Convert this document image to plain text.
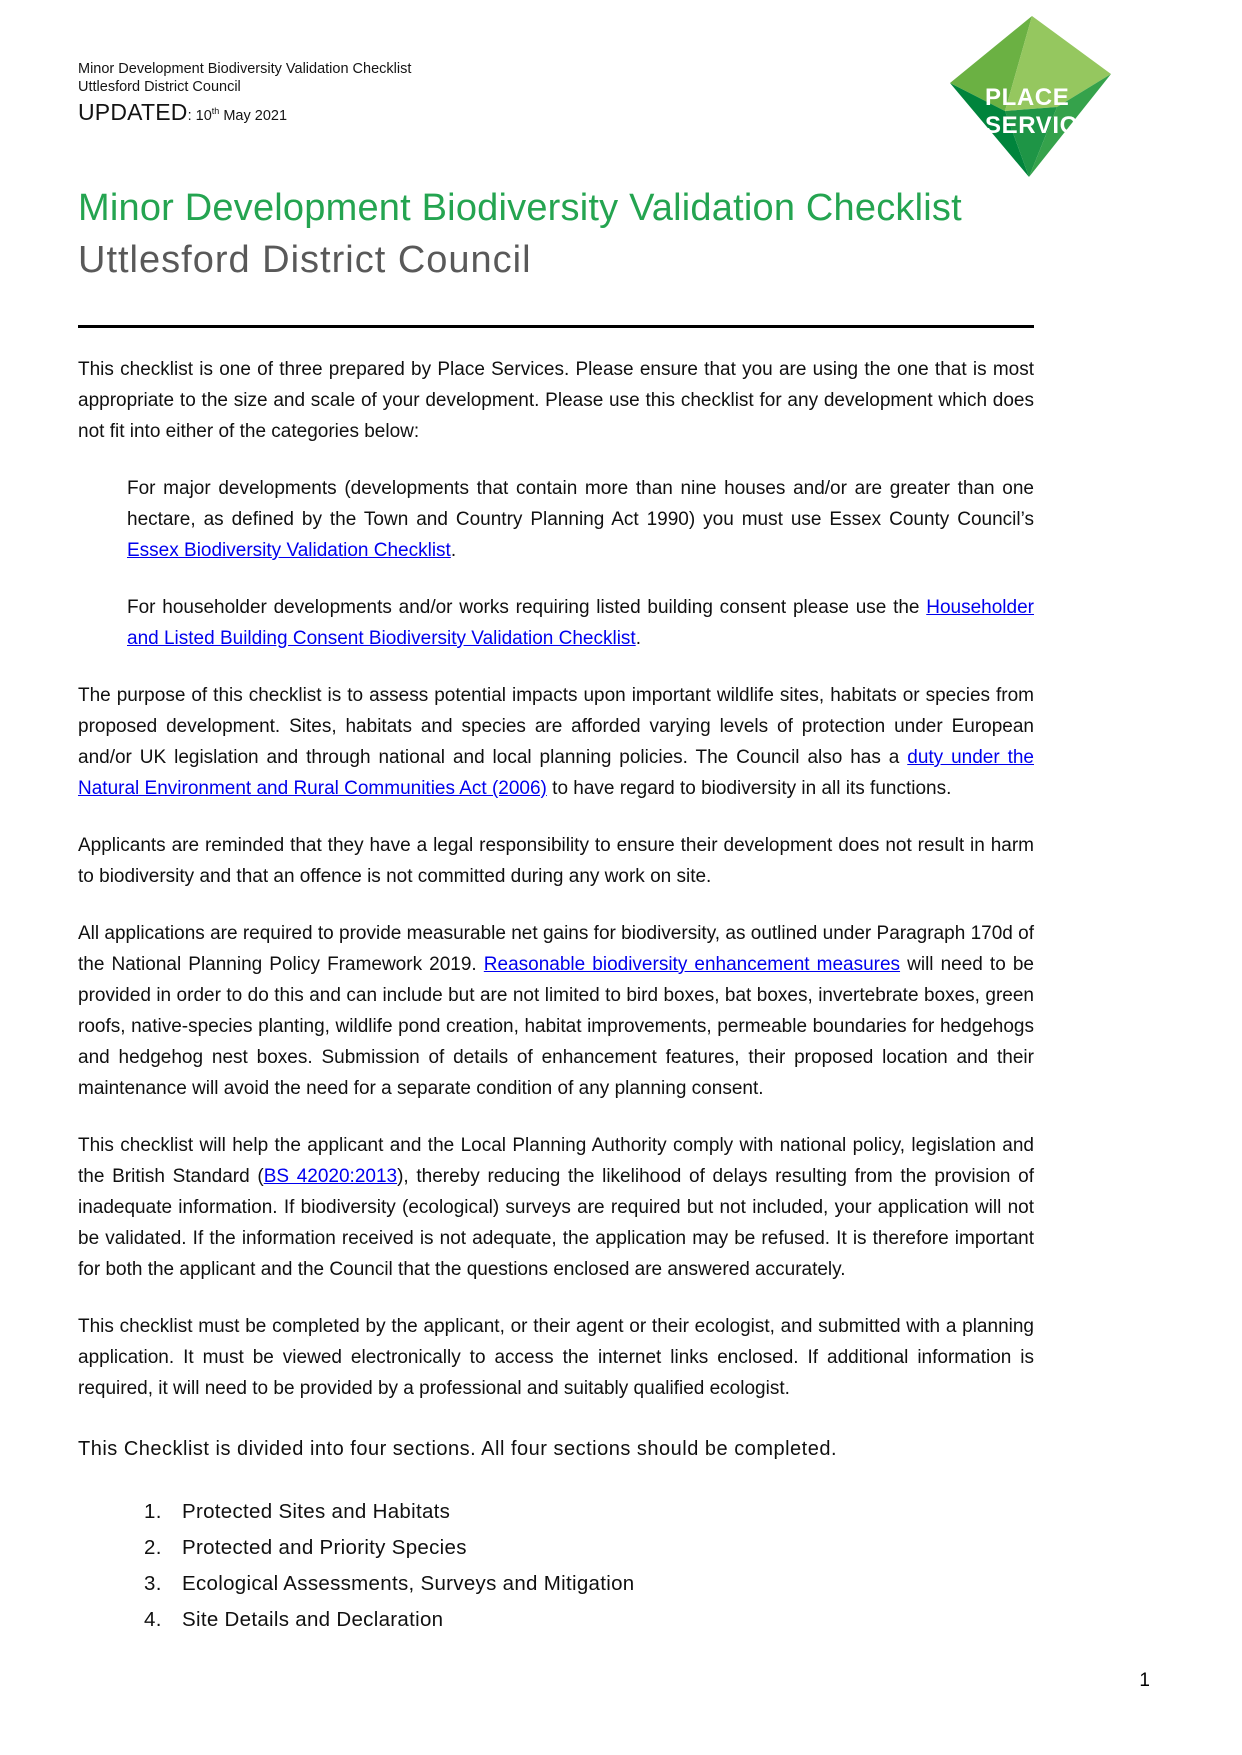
Minor Development Biodiversity Validation Checklist
Uttlesford District Council
UPDATED: 10th May 2021
PLACE
SERVICES
Minor Development Biodiversity Validation Checklist
Uttlesford District Council

This checklist is one of three prepared by Place Services. Please ensure that you are using the one that is most appropriate to the size and scale of your development. Please use this checklist for any development which does not fit into either of the categories below:

For major developments (developments that contain more than nine houses and/or are greater than one hectare, as defined by the Town and Country Planning Act 1990) you must use Essex County Council’s Essex Biodiversity Validation Checklist.

For householder developments and/or works requiring listed building consent please use the Householder and Listed Building Consent Biodiversity Validation Checklist.

The purpose of this checklist is to assess potential impacts upon important wildlife sites, habitats or species from proposed development. Sites, habitats and species are afforded varying levels of protection under European and/or UK legislation and through national and local planning policies. The Council also has a duty under the Natural Environment and Rural Communities Act (2006) to have regard to biodiversity in all its functions.

Applicants are reminded that they have a legal responsibility to ensure their development does not result in harm to biodiversity and that an offence is not committed during any work on site.

All applications are required to provide measurable net gains for biodiversity, as outlined under Paragraph 170d of the National Planning Policy Framework 2019. Reasonable biodiversity enhancement measures will need to be provided in order to do this and can include but are not limited to bird boxes, bat boxes, invertebrate boxes, green roofs, native-species planting, wildlife pond creation, habitat improvements, permeable boundaries for hedgehogs and hedgehog nest boxes. Submission of details of enhancement features, their proposed location and their maintenance will avoid the need for a separate condition of any planning consent.

This checklist will help the applicant and the Local Planning Authority comply with national policy, legislation and the British Standard (BS 42020:2013), thereby reducing the likelihood of delays resulting from the provision of inadequate information. If biodiversity (ecological) surveys are required but not included, your application will not be validated. If the information received is not adequate, the application may be refused. It is therefore important for both the applicant and the Council that the questions enclosed are answered accurately.

This checklist must be completed by the applicant, or their agent or their ecologist, and submitted with a planning application. It must be viewed electronically to access the internet links enclosed. If additional information is required, it will need to be provided by a professional and suitably qualified ecologist.

This Checklist is divided into four sections. All four sections should be completed.

1. Protected Sites and Habitats
2. Protected and Priority Species
3. Ecological Assessments, Surveys and Mitigation
4. Site Details and Declaration
1
